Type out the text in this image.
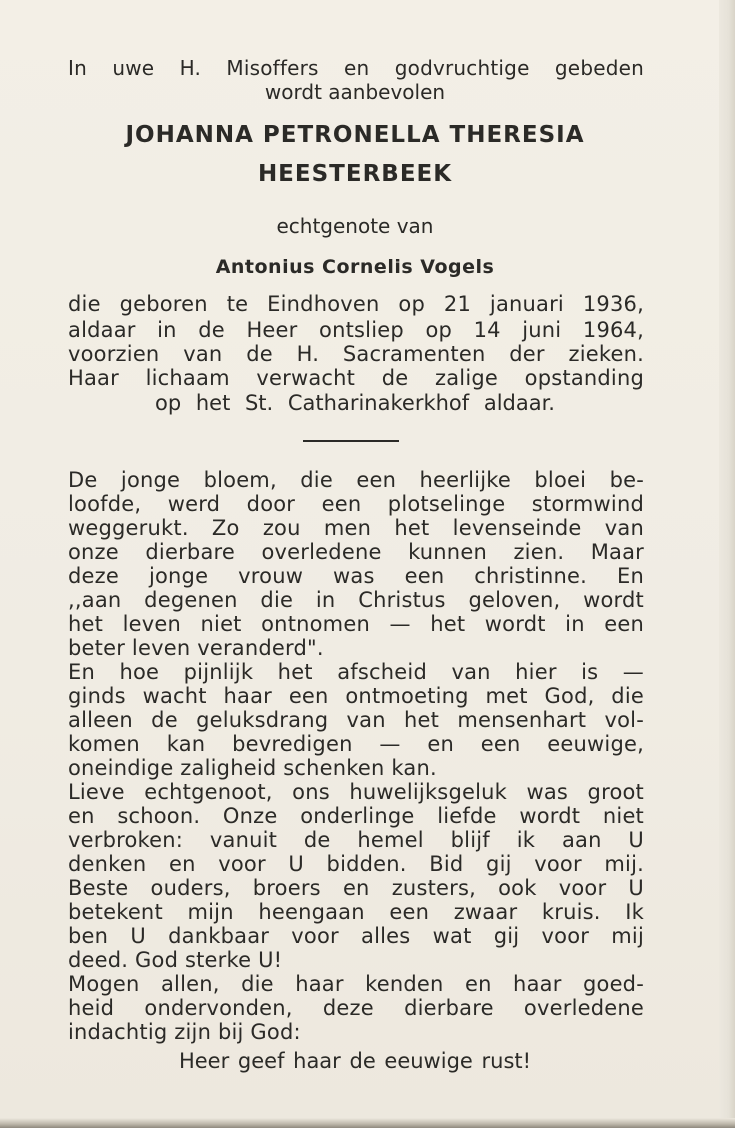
In uwe H. Misoffers en godvruchtige gebeden
wordt aanbevolen
JOHANNA PETRONELLA THERESIA
HEESTERBEEK
echtgenote van
Antonius Cornelis Vogels
die geboren te Eindhoven op 21 januari 1936,
aldaar in de Heer ontsliep op 14 juni 1964,
voorzien van de H. Sacramenten der zieken.
Haar lichaam verwacht de zalige opstanding
op het St. Catharinakerkhof aldaar.
De jonge bloem, die een heerlijke bloei be-
loofde, werd door een plotselinge stormwind
weggerukt. Zo zou men het levenseinde van
onze dierbare overledene kunnen zien. Maar
deze jonge vrouw was een christinne. En
,,aan degenen die in Christus geloven, wordt
het leven niet ontnomen — het wordt in een
beter leven veranderd".
En hoe pijnlijk het afscheid van hier is —
ginds wacht haar een ontmoeting met God, die
alleen de geluksdrang van het mensenhart vol-
komen kan bevredigen — en een eeuwige,
oneindige zaligheid schenken kan.
Lieve echtgenoot, ons huwelijksgeluk was groot
en schoon. Onze onderlinge liefde wordt niet
verbroken: vanuit de hemel blijf ik aan U
denken en voor U bidden. Bid gij voor mij.
Beste ouders, broers en zusters, ook voor U
betekent mijn heengaan een zwaar kruis. Ik
ben U dankbaar voor alles wat gij voor mij
deed. God sterke U!
Mogen allen, die haar kenden en haar goed-
heid ondervonden, deze dierbare overledene
indachtig zijn bij God:
Heer geef haar de eeuwige rust!
